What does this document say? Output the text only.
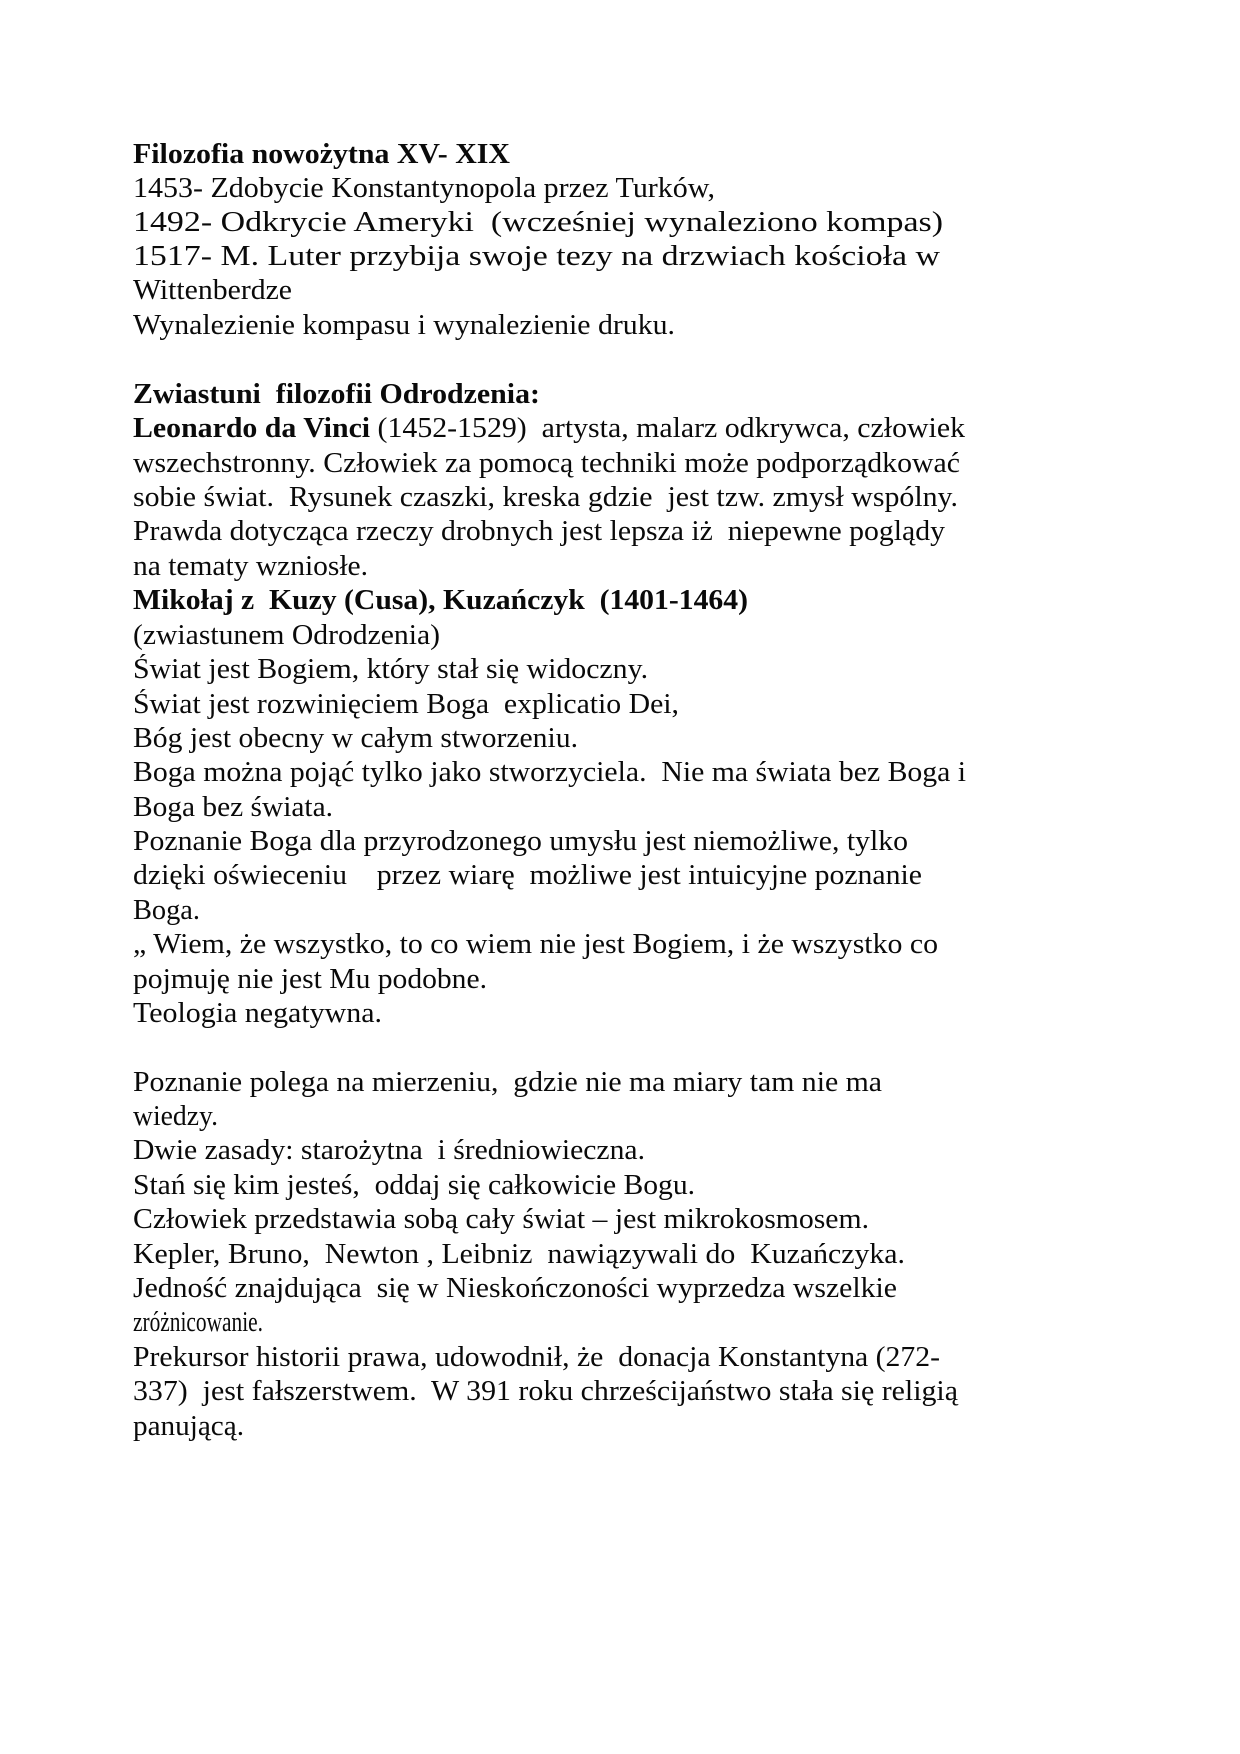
Filozofia nowożytna XV- XIX
1453- Zdobycie Konstantynopola przez Turków,
1492- Odkrycie Ameryki  (wcześniej wynaleziono kompas)
1517- M. Luter przybija swoje tezy na drzwiach kościoła w
Wittenberdze
Wynalezienie kompasu i wynalezienie druku.
Zwiastuni  filozofii Odrodzenia:
Leonardo da Vinci (1452-1529)  artysta, malarz odkrywca, człowiek
wszechstronny. Człowiek za pomocą techniki może podporządkować
sobie świat.  Rysunek czaszki, kreska gdzie  jest tzw. zmysł wspólny.
Prawda dotycząca rzeczy drobnych jest lepsza iż  niepewne poglądy
na tematy wzniosłe.
Mikołaj z  Kuzy (Cusa), Kuzańczyk  (1401-1464)
(zwiastunem Odrodzenia)
Świat jest Bogiem, który stał się widoczny.
Świat jest rozwinięciem Boga  explicatio Dei,
Bóg jest obecny w całym stworzeniu.
Boga można pojąć tylko jako stworzyciela.  Nie ma świata bez Boga i
Boga bez świata.
Poznanie Boga dla przyrodzonego umysłu jest niemożliwe, tylko
dzięki oświeceniu    przez wiarę  możliwe jest intuicyjne poznanie
Boga.
„ Wiem, że wszystko, to co wiem nie jest Bogiem, i że wszystko co
pojmuję nie jest Mu podobne.
Teologia negatywna.
Poznanie polega na mierzeniu,  gdzie nie ma miary tam nie ma
wiedzy.
Dwie zasady: starożytna  i średniowieczna.
Stań się kim jesteś,  oddaj się całkowicie Bogu.
Człowiek przedstawia sobą cały świat – jest mikrokosmosem.
Kepler, Bruno,  Newton , Leibniz  nawiązywali do  Kuzańczyka.
Jedność znajdująca  się w Nieskończoności wyprzedza wszelkie
zróżnicowanie.
Prekursor historii prawa, udowodnił, że  donacja Konstantyna (272-
337)  jest fałszerstwem.  W 391 roku chrześcijaństwo stała się religią
panującą.
